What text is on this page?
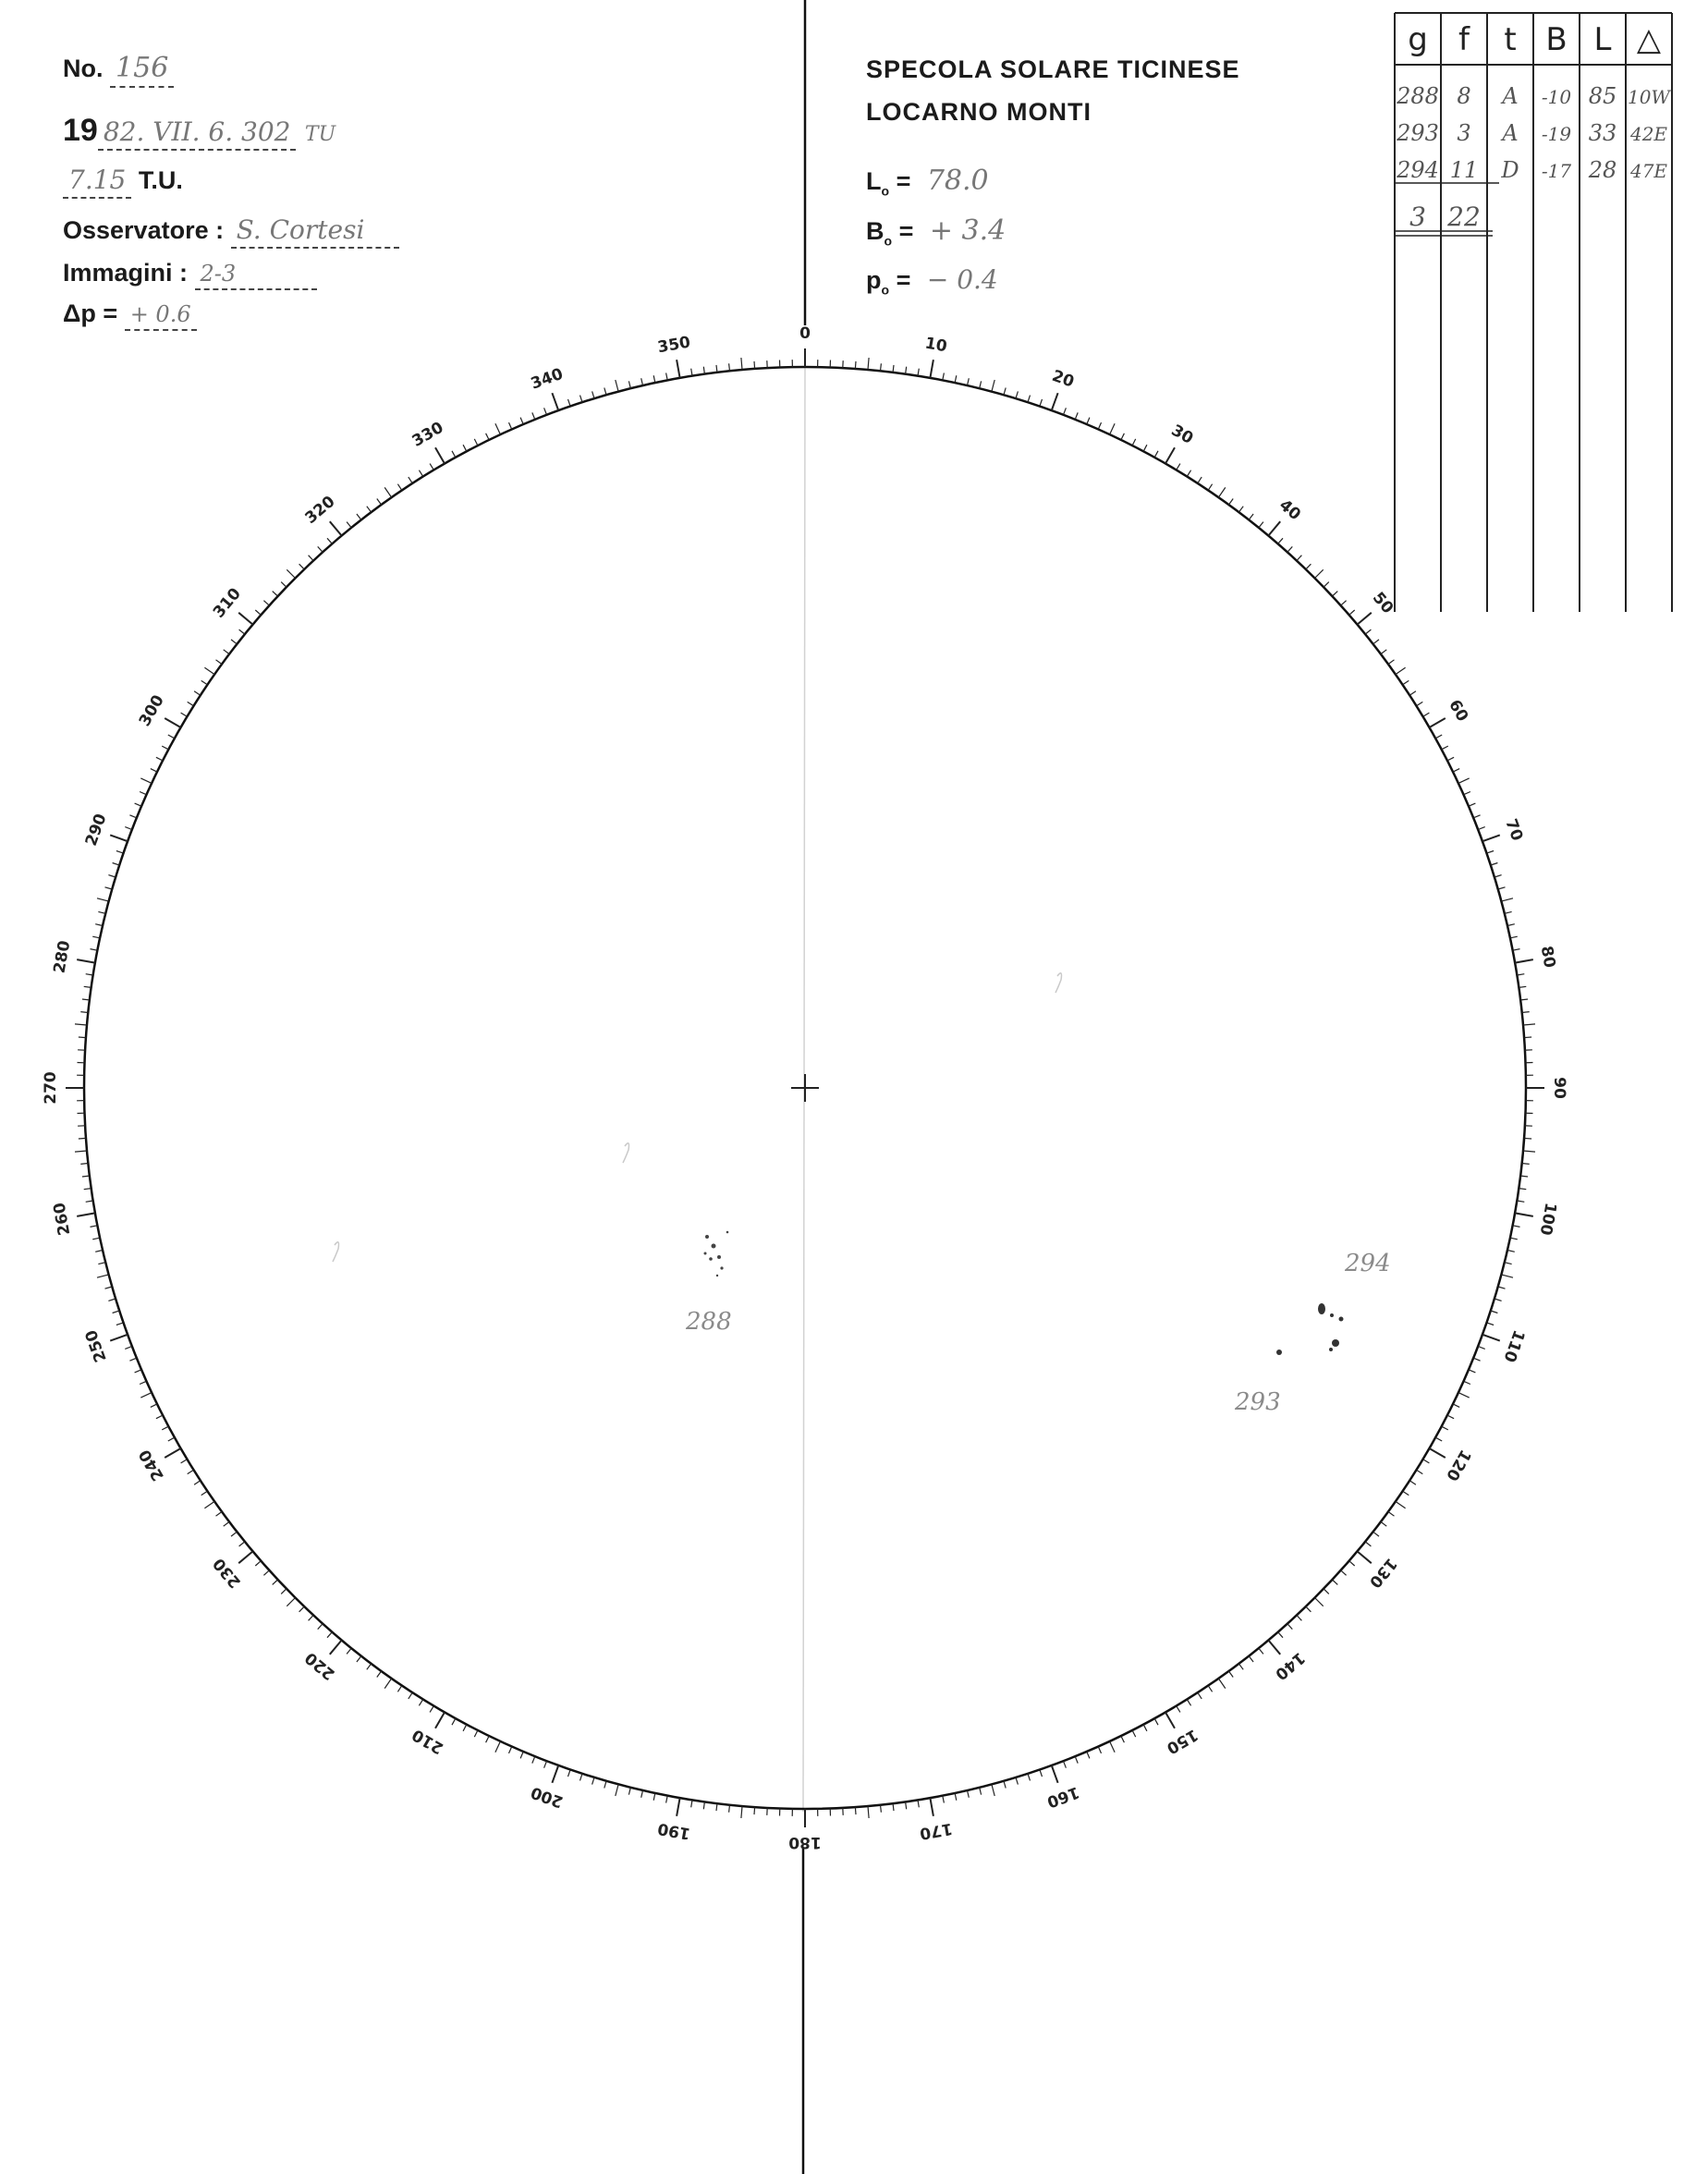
No. 156
19 82. VII. 6. 302 TU
7.15 T.U.
Osservatore : S. Cortesi
Immagini : 2-3
Δp = + 0.6
SPECOLA SOLARE TICINESE
LOCARNO MONTI
$L_o = 78.0$
$B_o$ = + 3.4
$p_o$ = − 0.4
0
10
20
30
40
50
60
70
80
90
100
110
120
130
140
150
160
170
180
190
200
210
220
230
240
250
260
270
280
290
300
310
320
330
340
350
288
293
294
g f t B L △
288 8 A -10 85 10W
293 3 A -19 33 42E
294 11 D -17 28 47E
3 22
